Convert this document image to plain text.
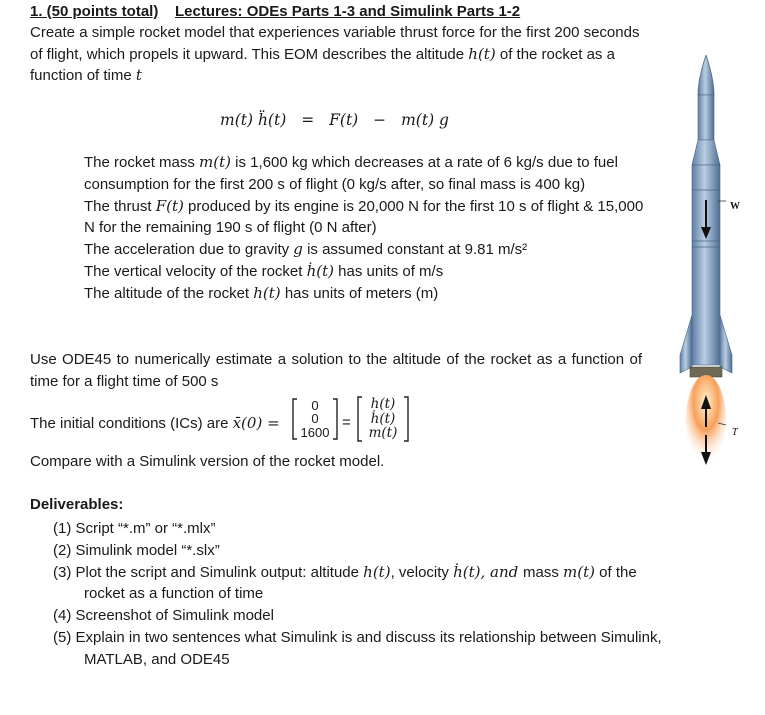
1. (50 points total) Lectures: ODEs Parts 1-3 and Simulink Parts 1-2
Create a simple rocket model that experiences variable thrust force for the first 200 seconds of flight, which propels it upward. This EOM describes the altitude h(t) of the rocket as a function of time t
m(t) ḧ(t) = F(t) − m(t) g

The rocket mass m(t) is 1,600 kg which decreases at a rate of 6 kg/s due to fuel consumption for the first 200 s of flight (0 kg/s after, so final mass is 400 kg)

The thrust F(t) produced by its engine is 20,000 N for the first 10 s of flight & 15,000 N for the remaining 190 s of flight (0 N after)

The acceleration due to gravity g is assumed constant at 9.81 m/s²

The vertical velocity of the rocket ḣ(t) has units of m/s

The altitude of the rocket h(t) has units of meters (m)

Use ODE45 to numerically estimate a solution to the altitude of the rocket as a function of time for a flight time of 500 s
The initial conditions (ICs) are x̄(0) =
0
0
1600
=
h(t)
ḣ(t)
m(t)
Compare with a Simulink version of the rocket model.
Deliverables:

(1) Script “*.m” or “*.mlx”

(2) Simulink model “*.slx”

(3) Plot the script and Simulink output: altitude h(t), velocity ḣ(t), and mass m(t) of the

rocket as a function of time

(4) Screenshot of Simulink model

(5) Explain in two sentences what Simulink is and discuss its relationship between Simulink,

MATLAB, and ODE45

W
T
